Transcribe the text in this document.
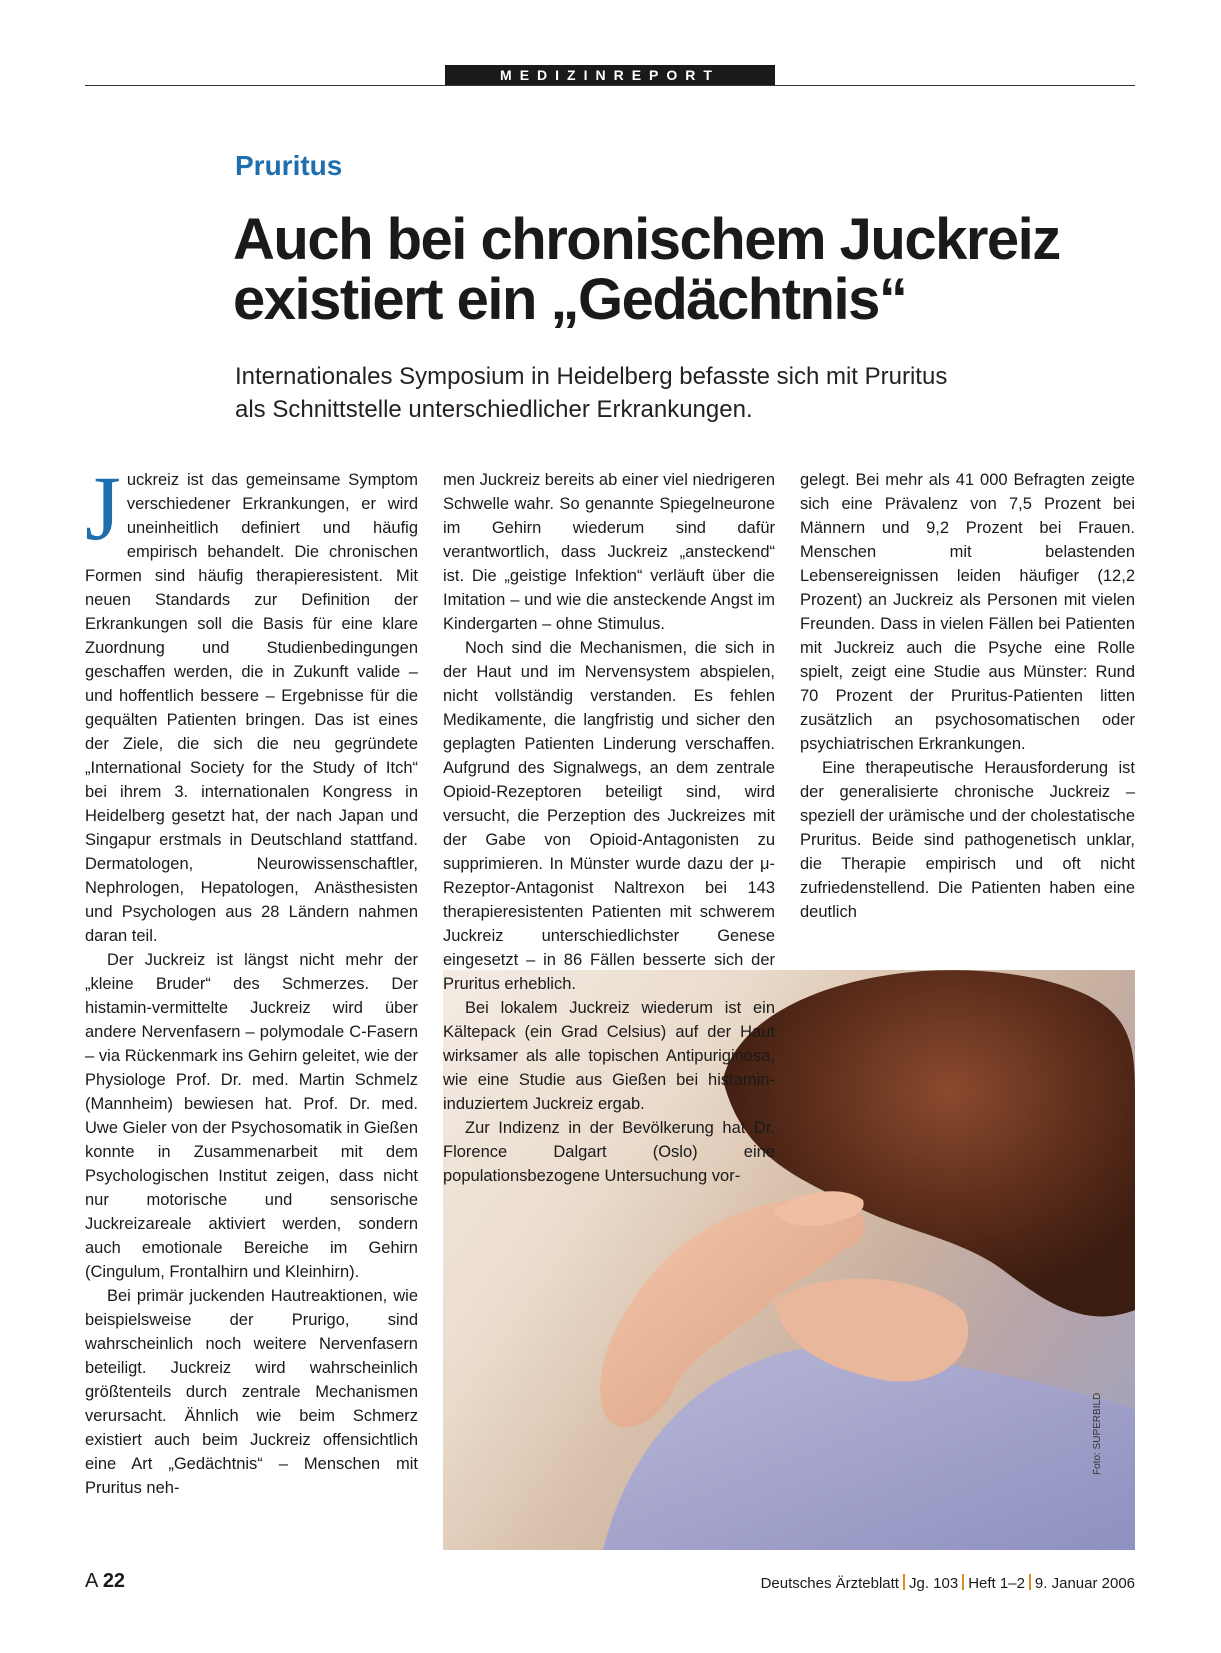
MEDIZINREPORT
Pruritus
Auch bei chronischem Juckreiz
existiert ein „Gedächtnis“
Internationales Symposium in Heidelberg befasste sich mit Pruritus
als Schnittstelle unterschiedlicher Erkrankungen.

Juckreiz ist das gemeinsame Symptom verschiedener Erkrankungen, er wird uneinheitlich definiert und häufig empirisch behandelt. Die chronischen Formen sind häufig therapieresistent. Mit neuen Standards zur Definition der Erkrankungen soll die Basis für eine klare Zuordnung und Studienbedingungen geschaffen werden, die in Zukunft valide – und hoffentlich bessere – Ergebnisse für die gequälten Patienten bringen. Das ist eines der Ziele, die sich die neu gegründete „International Society for the Study of Itch“ bei ihrem 3. internationalen Kongress in Heidelberg gesetzt hat, der nach Japan und Singapur erstmals in Deutschland stattfand. Dermatologen, Neurowissenschaftler, Nephrologen, Hepatologen, Anästhesisten und Psychologen aus 28 Ländern nahmen daran teil.

Der Juckreiz ist längst nicht mehr der „kleine Bruder“ des Schmerzes. Der histamin-vermittelte Juckreiz wird über andere Nervenfasern – polymodale C-Fasern – via Rückenmark ins Gehirn geleitet, wie der Physiologe Prof. Dr. med. Martin Schmelz (Mannheim) bewiesen hat. Prof. Dr. med. Uwe Gieler von der Psychosomatik in Gießen konnte in Zusammenarbeit mit dem Psychologischen Institut zeigen, dass nicht nur motorische und sensorische Juckreizareale aktiviert werden, sondern auch emotionale Bereiche im Gehirn (Cingulum, Frontalhirn und Kleinhirn).

Bei primär juckenden Hautreaktionen, wie beispielsweise der Prurigo, sind wahrscheinlich noch weitere Nervenfasern beteiligt. Juckreiz wird wahrscheinlich größtenteils durch zentrale Mechanismen verursacht. Ähnlich wie beim Schmerz existiert auch beim Juckreiz offensichtlich eine Art „Gedächtnis“ – Menschen mit Pruritus neh-

Foto: SUPERBILD

men Juckreiz bereits ab einer viel niedrigeren Schwelle wahr. So genannte Spiegelneurone im Gehirn wiederum sind dafür verantwortlich, dass Juckreiz „ansteckend“ ist. Die „geistige Infektion“ verläuft über die Imitation – und wie die ansteckende Angst im Kindergarten – ohne Stimulus.

Noch sind die Mechanismen, die sich in der Haut und im Nervensystem abspielen, nicht vollständig verstanden. Es fehlen Medikamente, die langfristig und sicher den geplagten Patienten Linderung verschaffen. Aufgrund des Signalwegs, an dem zentrale Opioid-Rezeptoren beteiligt sind, wird versucht, die Perzeption des Juckreizes mit der Gabe von Opioid-Antagonisten zu supprimieren. In Münster wurde dazu der μ-Rezeptor-Antagonist Naltrexon bei 143 therapieresistenten Patienten mit schwerem Juckreiz unterschiedlichster Genese eingesetzt – in 86 Fällen besserte sich der Pruritus erheblich.

Bei lokalem Juckreiz wiederum ist ein Kältepack (ein Grad Celsius) auf der Haut wirksamer als alle topischen Antipuriginosa, wie eine Studie aus Gießen bei histamin-induziertem Juckreiz ergab.

Zur Indizenz in der Bevölkerung hat Dr. Florence Dalgart (Oslo) eine populationsbezogene Untersuchung vor-

gelegt. Bei mehr als 41 000 Befragten zeigte sich eine Prävalenz von 7,5 Prozent bei Männern und 9,2 Prozent bei Frauen. Menschen mit belastenden Lebensereignissen leiden häufiger (12,2 Prozent) an Juckreiz als Personen mit vielen Freunden. Dass in vielen Fällen bei Patienten mit Juckreiz auch die Psyche eine Rolle spielt, zeigt eine Studie aus Münster: Rund 70 Prozent der Pruritus-Patienten litten zusätzlich an psychosomatischen oder psychiatrischen Erkrankungen.

Eine therapeutische Herausforderung ist der generalisierte chronische Juckreiz – speziell der urämische und der cholestatische Pruritus. Beide sind pathogenetisch unklar, die Therapie empirisch und oft nicht zufriedenstellend. Die Patienten haben eine deutlich

A 22	Deutsches Ärzteblatt Jg. 103 Heft 1–2 9. Januar 2006
